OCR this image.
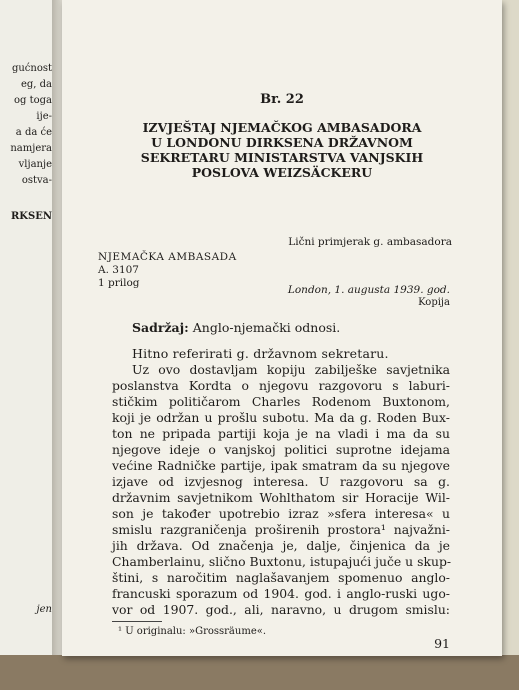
gućnost
eg, da
og toga
ije-
a da će
namjera
vljanje
ostva-
RKSEN
jen
Br. 22
IZVJEŠTAJ NJEMAČKOG AMBASADORA
U LONDONU DIRKSENA DRŽAVNOM
SEKRETARU MINISTARSTVA VANJSKIH
POSLOVA WEIZSÄCKERU
Lični primjerak g. ambasadora
NJEMAČKA AMBASADA
A. 3107
1 prilog
London, 1. augusta 1939. god.
Kopija
Sadržaj: Anglo-njemački odnosi.
Hitno referirati g. državnom sekretaru.
Uz ovo dostavljam kopiju zabilješke savjetnika
poslanstva Kordta o njegovu razgovoru s laburi-
stičkim političarom Charles Rodenom Buxtonom,
koji je održan u prošlu subotu. Ma da g. Roden Bux-
ton ne pripada partiji koja je na vladi i ma da su
njegove ideje o vanjskoj politici suprotne idejama
većine Radničke partije, ipak smatram da su njegove
izjave od izvjesnog interesa. U razgovoru sa g.
državnim savjetnikom Wohlthatom sir Horacije Wil-
son je također upotrebio izraz »sfera interesa« u
smislu razgraničenja proširenih prostora¹ najvažni-
jih država. Od značenja je, dalje, činjenica da je
Chamberlainu, slično Buxtonu, istupajući juče u skup-
štini, s naročitim naglašavanjem spomenuo anglo-
francuski sporazum od 1904. god. i anglo-ruski ugo-
vor od 1907. god., ali, naravno, u drugom smislu:
¹ U originalu: »Grossräume«.
91
